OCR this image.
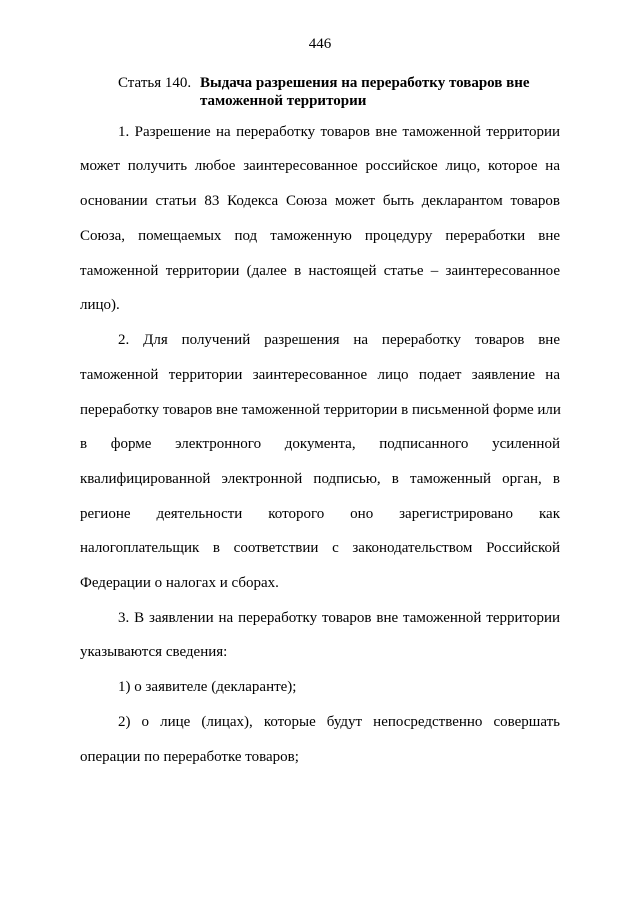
446
Статья 140. Выдача разрешения на переработку товаров вне
таможенной территории
1. Разрешение на переработку товаров вне таможенной территории
может получить любое заинтересованное российское лицо, которое на
основании статьи 83 Кодекса Союза может быть декларантом товаров
Союза, помещаемых под таможенную процедуру переработки вне
таможенной территории (далее в настоящей статье – заинтересованное
лицо).
2. Для получений разрешения на переработку товаров вне
таможенной территории заинтересованное лицо подает заявление на
переработку товаров вне таможенной территории в письменной форме или
в форме электронного документа, подписанного усиленной
квалифицированной электронной подписью, в таможенный орган, в
регионе деятельности которого оно зарегистрировано как
налогоплательщик в соответствии с законодательством Российской
Федерации о налогах и сборах.
3. В заявлении на переработку товаров вне таможенной территории
указываются сведения:
1) о заявителе (декларанте);
2) о лице (лицах), которые будут непосредственно совершать
операции по переработке товаров;
